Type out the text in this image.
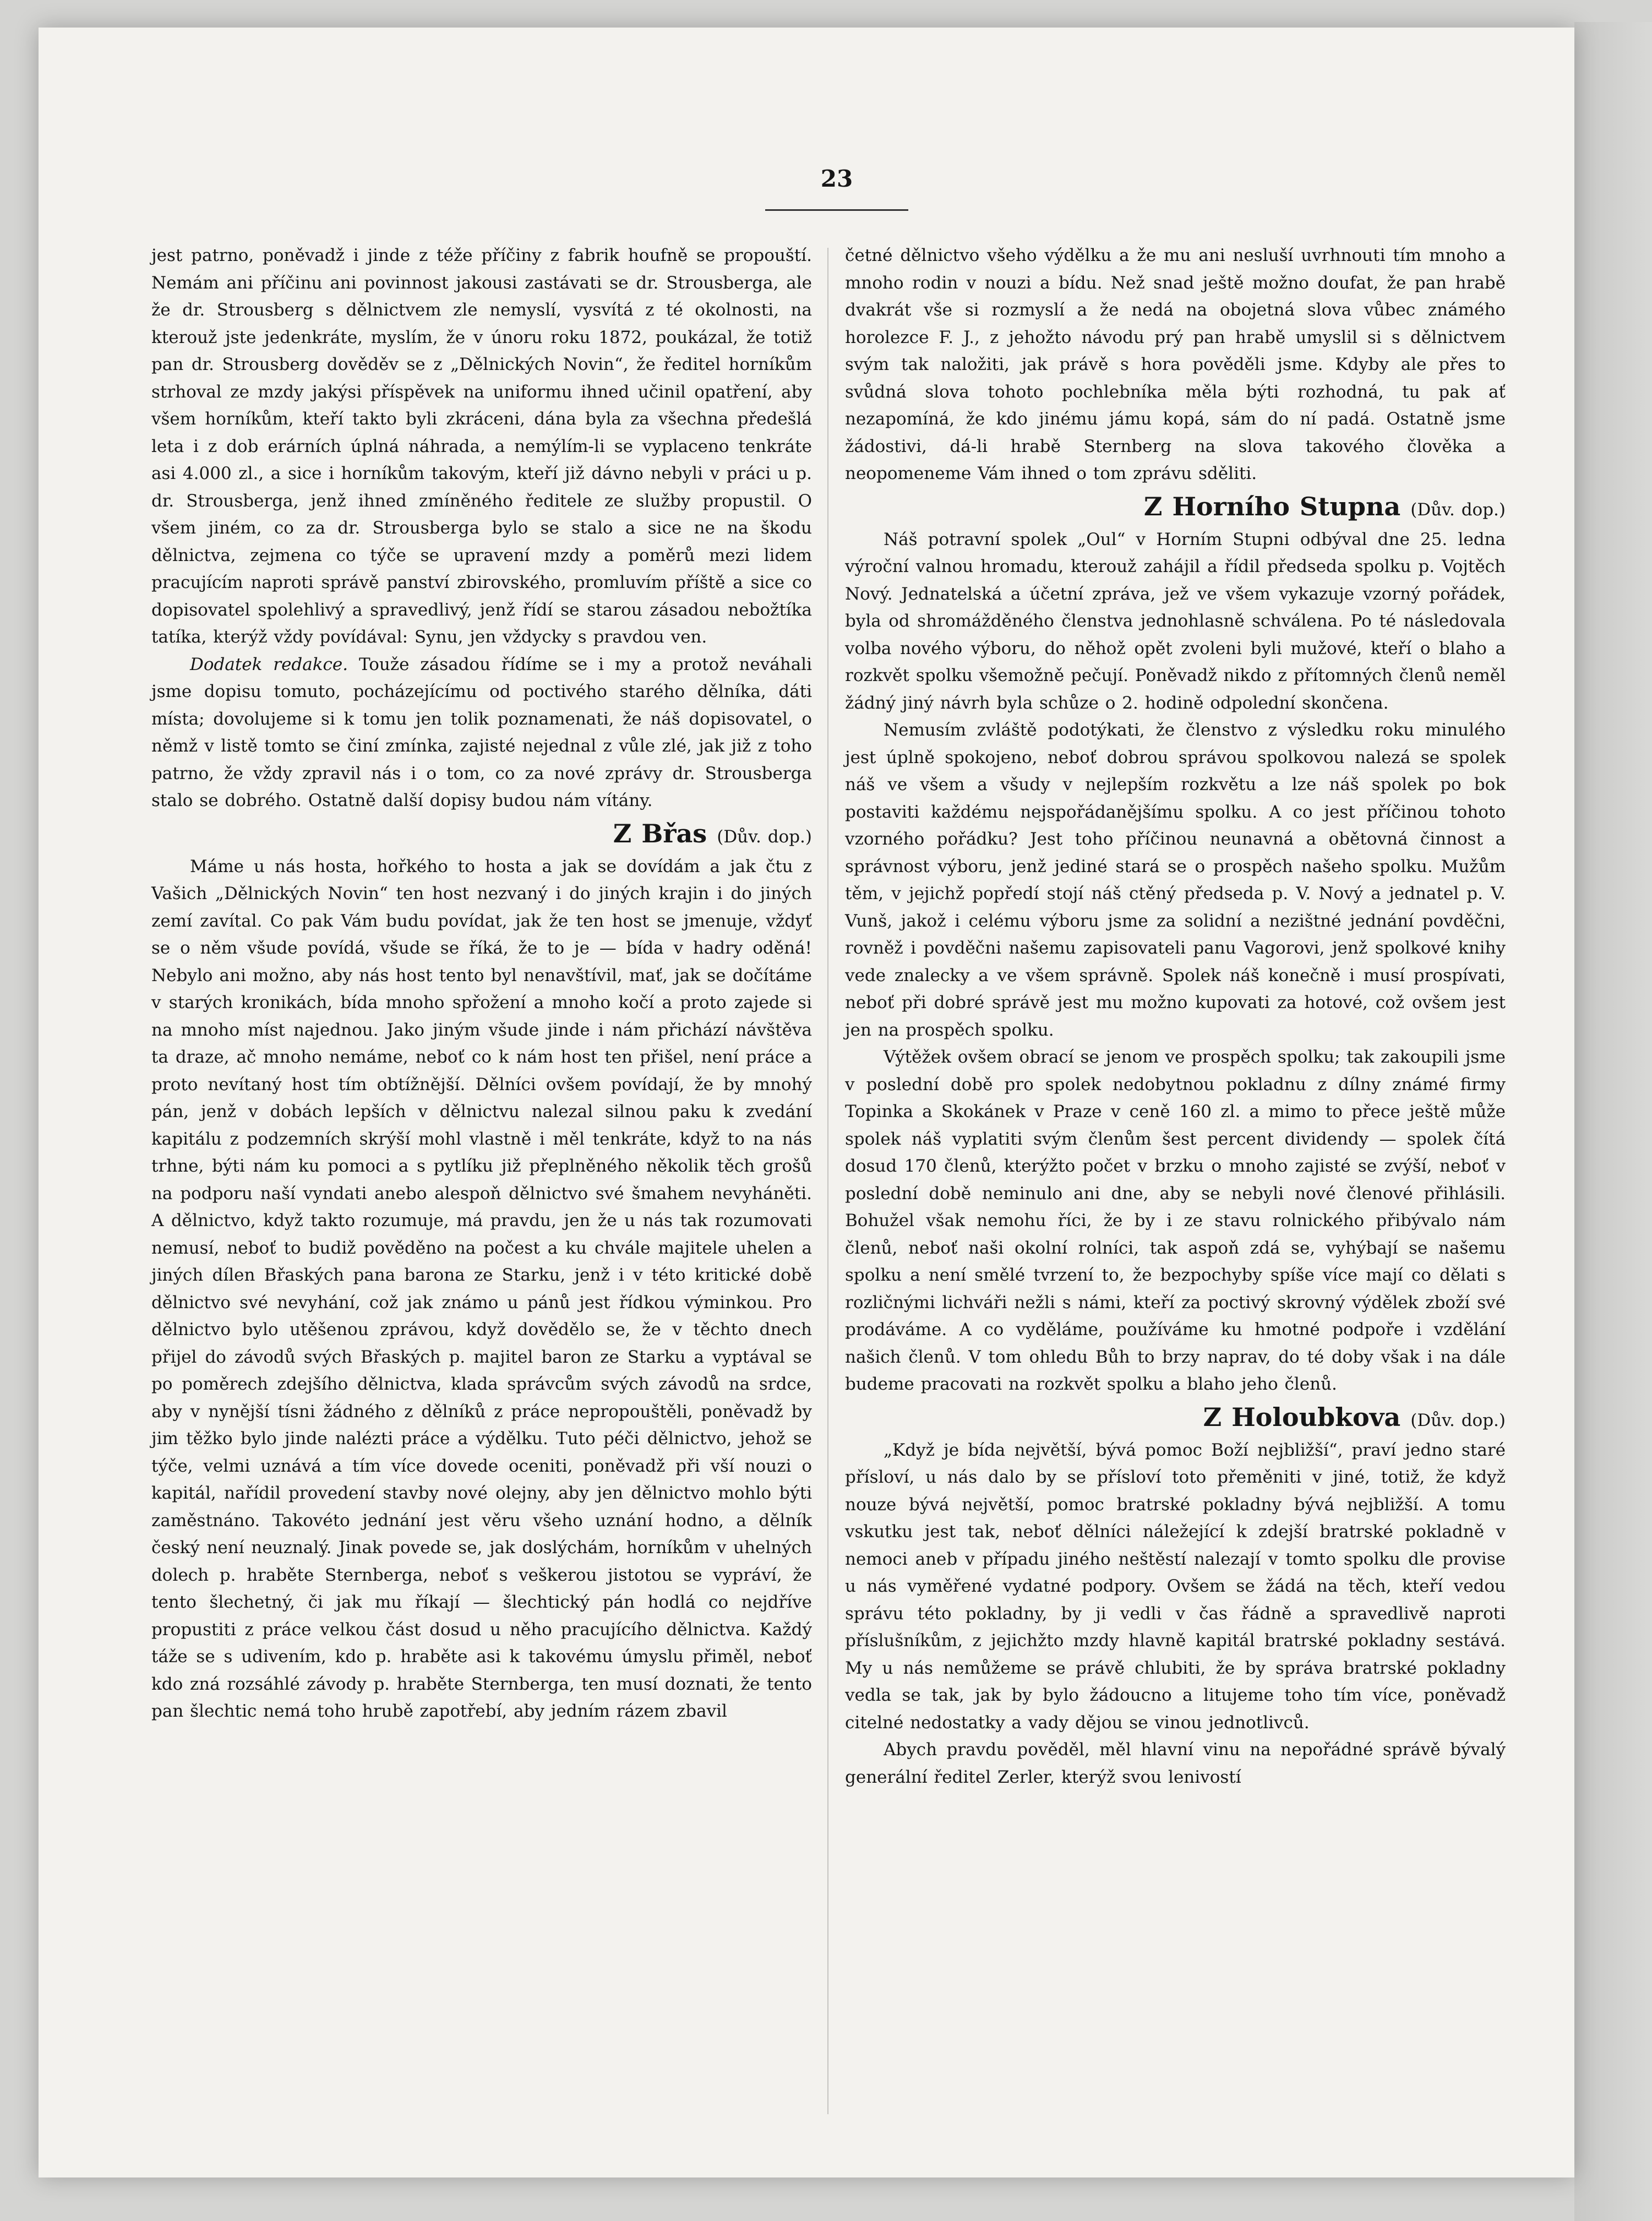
23

jest patrno, poněvadž i jinde z téže příčiny z fabrik houfně se propouští. Nemám ani příčinu ani povinnost jakousi zastávati se dr. Strousberga, ale že dr. Strousberg s dělnictvem zle nemyslí, vysvítá z té okolnosti, na kterouž jste jedenkráte, myslím, že v únoru roku 1872, poukázal, že totiž pan dr. Strousberg dověděv se z „Dělnických Novin“, že ředitel horníkům strhoval ze mzdy jakýsi příspěvek na uniformu ihned učinil opatření, aby všem horníkům, kteří takto byli zkráceni, dána byla za všechna předešlá leta i z dob erárních úplná náhrada, a nemýlím-li se vyplaceno tenkráte asi 4.000 zl., a sice i horníkům takovým, kteří již dávno nebyli v práci u p. dr. Strousberga, jenž ihned zmíněného ředitele ze služby propustil. O všem jiném, co za dr. Strousberga bylo se stalo a sice ne na škodu dělnictva, zejmena co týče se upravení mzdy a poměrů mezi lidem pracujícím naproti správě panství zbirovského, promluvím příště a sice co dopisovatel spolehlivý a spravedlivý, jenž řídí se starou zásadou nebožtíka tatíka, kterýž vždy povídával: Synu, jen vždycky s pravdou ven.

Dodatek redakce. Touže zásadou řídíme se i my a protož neváhali jsme dopisu tomuto, pocházejícímu od poctivého starého dělníka, dáti místa; dovolujeme si k tomu jen tolik poznamenati, že náš dopisovatel, o němž v listě tomto se činí zmínka, zajisté nejednal z vůle zlé, jak již z toho patrno, že vždy zpravil nás i o tom, co za nové zprávy dr. Strousberga stalo se dobrého. Ostatně další dopisy budou nám vítány.

Z Břas (Dův. dop.)

Máme u nás hosta, hořkého to hosta a jak se dovídám a jak čtu z Vašich „Dělnických Novin“ ten host nezvaný i do jiných krajin i do jiných zemí zavítal. Co pak Vám budu povídat, jak že ten host se jmenuje, vždyť se o něm všude povídá, všude se říká, že to je — bída v hadry oděná! Nebylo ani možno, aby nás host tento byl nenavštívil, mať, jak se dočítáme v starých kronikách, bída mnoho spřožení a mnoho kočí a proto zajede si na mnoho míst najednou. Jako jiným všude jinde i nám přichází návštěva ta draze, ač mnoho nemáme, neboť co k nám host ten přišel, není práce a proto nevítaný host tím obtížnější. Dělníci ovšem povídají, že by mnohý pán, jenž v dobách lepších v dělnictvu nalezal silnou paku k zvedání kapitálu z podzemních skrýší mohl vlastně i měl tenkráte, když to na nás trhne, býti nám ku pomoci a s pytlíku již přeplněného několik těch grošů na podporu naší vyndati anebo alespoň dělnictvo své šmahem nevyháněti. A dělnictvo, když takto rozumuje, má pravdu, jen že u nás tak rozumovati nemusí, neboť to budiž pověděno na počest a ku chvále majitele uhelen a jiných dílen Břaských pana barona ze Starku, jenž i v této kritické době dělnictvo své nevyhání, což jak známo u pánů jest řídkou výminkou. Pro dělnictvo bylo utěšenou zprávou, když dovědělo se, že v těchto dnech přijel do závodů svých Břaských p. majitel baron ze Starku a vyptával se po poměrech zdejšího dělnictva, klada správcům svých závodů na srdce, aby v nynější tísni žádného z dělníků z práce nepropouštěli, poněvadž by jim těžko bylo jinde nalézti práce a výdělku. Tuto péči dělnictvo, jehož se týče, velmi uznává a tím více dovede oceniti, poněvadž při vší nouzi o kapitál, nařídil provedení stavby nové olejny, aby jen dělnictvo mohlo býti zaměstnáno. Takovéto jednání jest věru všeho uznání hodno, a dělník český není neuznalý. Jinak povede se, jak doslýchám, horníkům v uhelných dolech p. hraběte Sternberga, neboť s veškerou jistotou se vypráví, že tento šlechetný, či jak mu říkají — šlechtický pán hodlá co nejdříve propustiti z práce velkou část dosud u něho pracujícího dělnictva. Každý táže se s udivením, kdo p. hraběte asi k takovému úmyslu přiměl, neboť kdo zná rozsáhlé závody p. hraběte Sternberga, ten musí doznati, že tento pan šlechtic nemá toho hrubě zapotřebí, aby jedním rázem zbavil

četné dělnictvo všeho výdělku a že mu ani nesluší uvrhnouti tím mnoho a mnoho rodin v nouzi a bídu. Než snad ještě možno doufat, že pan hrabě dvakrát vše si rozmyslí a že nedá na obojetná slova vůbec známého horolezce F. J., z jehožto návodu prý pan hrabě umyslil si s dělnictvem svým tak naložiti, jak právě s hora pověděli jsme. Kdyby ale přes to svůdná slova tohoto pochlebníka měla býti rozhodná, tu pak ať nezapomíná, že kdo jinému jámu kopá, sám do ní padá. Ostatně jsme žádostivi, dá-li hrabě Sternberg na slova takového člověka a neopomeneme Vám ihned o tom zprávu sděliti.

Z Horního Stupna (Dův. dop.)

Náš potravní spolek „Oul“ v Horním Stupni odbýval dne 25. ledna výroční valnou hromadu, kterouž zahájil a řídil předseda spolku p. Vojtěch Nový. Jednatelská a účetní zpráva, jež ve všem vykazuje vzorný pořádek, byla od shromážděného členstva jednohlasně schválena. Po té následovala volba nového výboru, do něhož opět zvoleni byli mužové, kteří o blaho a rozkvět spolku všemožně pečují. Poněvadž nikdo z přítomných členů neměl žádný jiný návrh byla schůze o 2. hodině odpolední skončena.

Nemusím zvláště podotýkati, že členstvo z výsledku roku minulého jest úplně spokojeno, neboť dobrou správou spolkovou nalezá se spolek náš ve všem a všudy v nejlepším rozkvětu a lze náš spolek po bok postaviti každému nejspořádanějšímu spolku. A co jest příčinou tohoto vzorného pořádku? Jest toho příčinou neunavná a obětovná činnost a správnost výboru, jenž jediné stará se o prospěch našeho spolku. Mužům těm, v jejichž popředí stojí náš ctěný předseda p. V. Nový a jednatel p. V. Vunš, jakož i celému výboru jsme za solidní a nezištné jednání povděčni, rovněž i povděčni našemu zapisovateli panu Vagorovi, jenž spolkové knihy vede znalecky a ve všem správně. Spolek náš konečně i musí prospívati, neboť při dobré správě jest mu možno kupovati za hotové, což ovšem jest jen na prospěch spolku.

Výtěžek ovšem obrací se jenom ve prospěch spolku; tak zakoupili jsme v poslední době pro spolek nedobytnou pokladnu z dílny známé firmy Topinka a Skokánek v Praze v ceně 160 zl. a mimo to přece ještě může spolek náš vyplatiti svým členům šest percent dividendy — spolek čítá dosud 170 členů, kterýžto počet v brzku o mnoho zajisté se zvýší, neboť v poslední době neminulo ani dne, aby se nebyli nové členové přihlásili. Bohužel však nemohu říci, že by i ze stavu rolnického přibývalo nám členů, neboť naši okolní rolníci, tak aspoň zdá se, vyhýbají se našemu spolku a není smělé tvrzení to, že bezpochyby spíše více mají co dělati s rozličnými lichváři nežli s námi, kteří za poctivý skrovný výdělek zboží své prodáváme. A co vyděláme, používáme ku hmotné podpoře i vzdělání našich členů. V tom ohledu Bůh to brzy naprav, do té doby však i na dále budeme pracovati na rozkvět spolku a blaho jeho členů.

Z Holoubkova (Dův. dop.)

„Když je bída největší, bývá pomoc Boží nejbližší“, praví jedno staré přísloví, u nás dalo by se přísloví toto přeměniti v jiné, totiž, že když nouze bývá největší, pomoc bratrské pokladny bývá nejbližší. A tomu vskutku jest tak, neboť dělníci náležející k zdejší bratrské pokladně v nemoci aneb v případu jiného neštěstí nalezají v tomto spolku dle provise u nás vyměřené vydatné podpory. Ovšem se žádá na těch, kteří vedou správu této pokladny, by ji vedli v čas řádně a spravedlivě naproti příslušníkům, z jejichžto mzdy hlavně kapitál bratrské pokladny sestává. My u nás nemůžeme se právě chlubiti, že by správa bratrské pokladny vedla se tak, jak by bylo žádoucno a litujeme toho tím více, poněvadž citelné nedostatky a vady dějou se vinou jednotlivců.

Abych pravdu pověděl, měl hlavní vinu na nepořádné správě bývalý generální ředitel Zerler, kterýž svou lenivostí
